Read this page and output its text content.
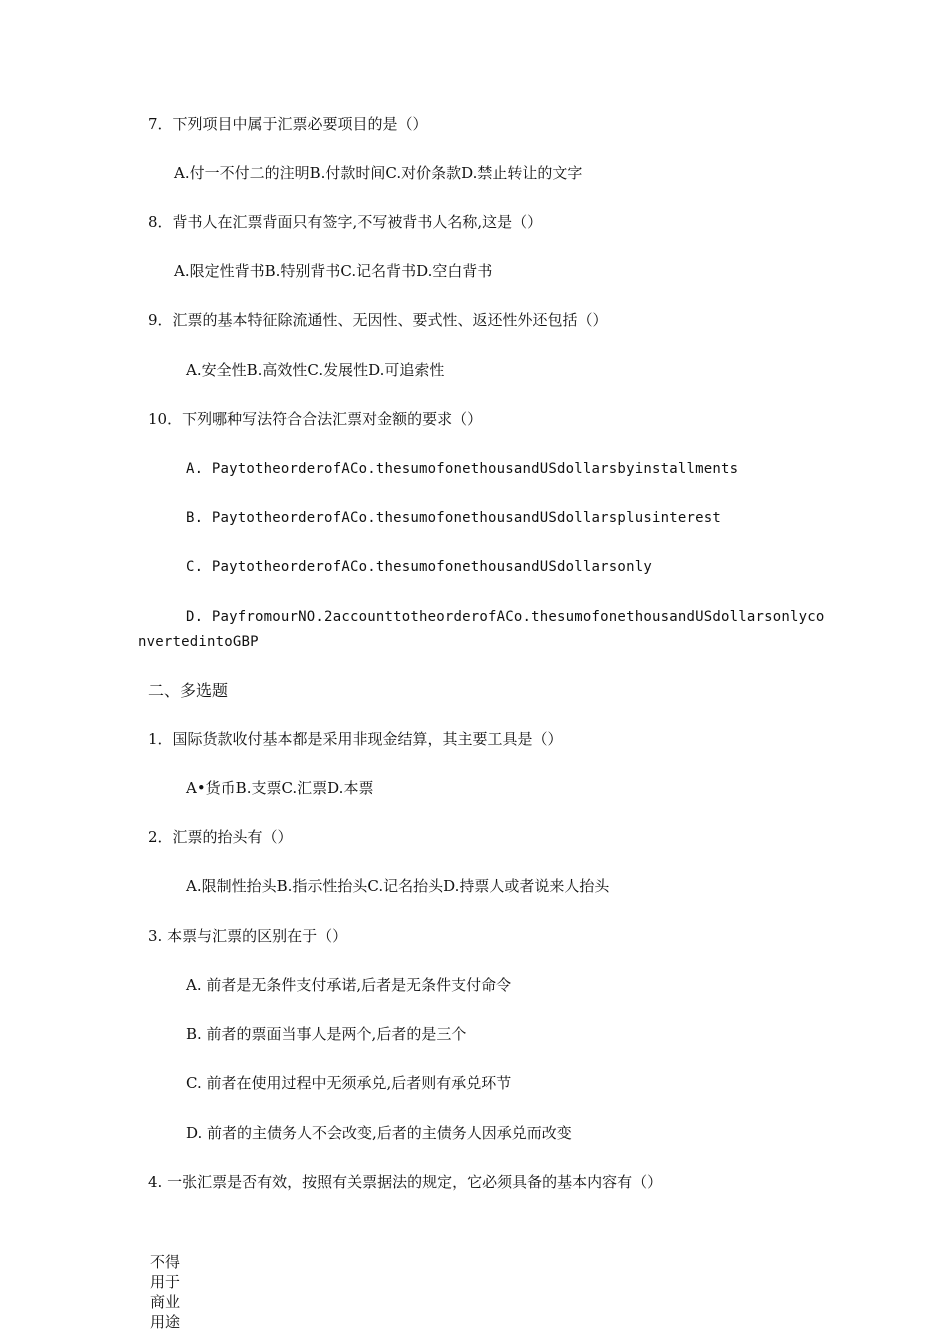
7．下列项目中属于汇票必要项目的是（）
A.付一不付二的注明B.付款时间C.对价条款D.禁止转让的文字
8．背书人在汇票背面只有签字,不写被背书人名称,这是（）
A.限定性背书B.特别背书C.记名背书D.空白背书
9．汇票的基本特征除流通性、无因性、要式性、返还性外还包括（）
A.安全性B.高效性C.发展性D.可追索性
10．下列哪种写法符合合法汇票对金额的要求（）
A. PaytotheorderofACo.thesumofonethousandUSdollarsbyinstallments
B. PaytotheorderofACo.thesumofonethousandUSdollarsplusinterest
C. PaytotheorderofACo.thesumofonethousandUSdollarsonly
D. PayfromourNO.2accounttotheorderofACo.thesumofonethousandUSdollarsonlyco
nvertedintoGBP
二、多选题
1．国际货款收付基本都是采用非现金结算，其主要工具是（）
A•货币B.支票C.汇票D.本票
2．汇票的抬头有（）
A.限制性抬头B.指示性抬头C.记名抬头D.持票人或者说来人抬头
3. 本票与汇票的区别在于（）
A. 前者是无条件支付承诺,后者是无条件支付命令
B. 前者的票面当事人是两个,后者的是三个
C. 前者在使用过程中无须承兑,后者则有承兑环节
D. 前者的主债务人不会改变,后者的主债务人因承兑而改变
4. 一张汇票是否有效，按照有关票据法的规定，它必须具备的基本内容有（）
不得
用于
商业
用途
